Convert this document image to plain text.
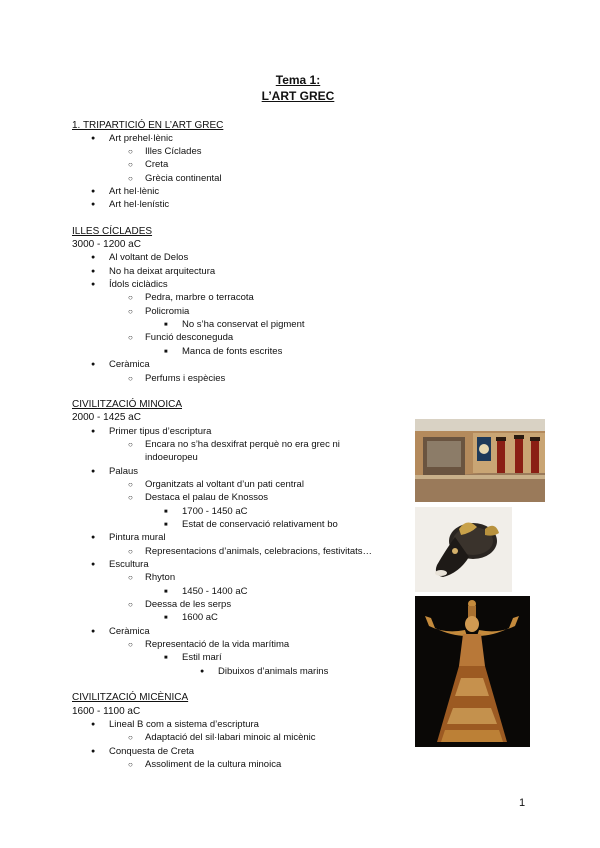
Tema 1:
L’ART GREC
1. TRIPARTICIÓ EN L’ART GREC
● Art prehel·lènic
○ Illes Cíclades
○ Creta
○ Grècia continental
● Art hel·lènic
● Art hel·lenístic
ILLES CÍCLADES
3000 - 1200 aC
● Al voltant de Delos
● No ha deixat arquitectura
● Ídols ciclàdics
○ Pedra, marbre o terracota
○ Policromia
■ No s’ha conservat el pigment
○ Funció desconeguda
■ Manca de fonts escrites
● Ceràmica
○ Perfums i espècies
CIVILITZACIÓ MINOICA
2000 - 1425 aC
● Primer tipus d’escriptura
○ Encara no s’ha desxifrat perquè no era grec ni
indoeuropeu
● Palaus
○ Organitzats al voltant d’un pati central
○ Destaca el palau de Knossos
■ 1700 - 1450 aC
■ Estat de conservació relativament bo
● Pintura mural
○ Representacions d’animals, celebracions, festivitats…
● Escultura
○ Rhyton
■ 1450 - 1400 aC
○ Deessa de les serps
■ 1600 aC
● Ceràmica
○ Representació de la vida marítima
■ Estil marí
● Dibuixos d’animals marins
CIVILITZACIÓ MICÈNICA
1600 - 1100 aC
● Lineal B com a sistema d’escriptura
○ Adaptació del sil·labari minoic al micènic
● Conquesta de Creta
○ Assoliment de la cultura minoica
1
